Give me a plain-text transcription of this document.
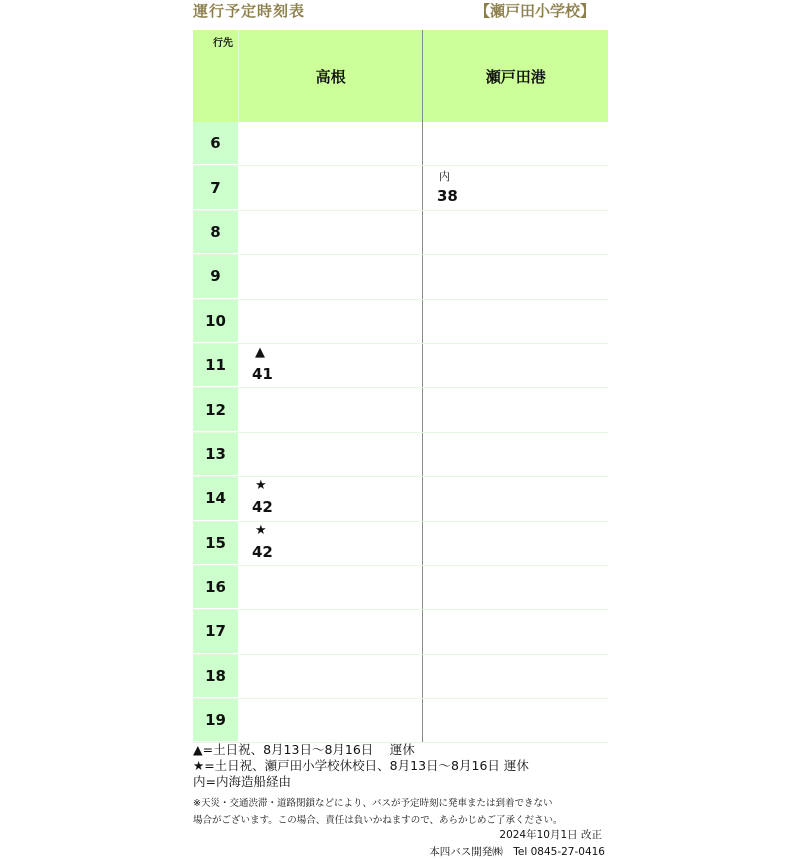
運行予定時刻表	【瀬戸田小学校】
行先
高根	瀬戸田港
6
7
内
38
8
9
10
11
▲
41
12
13
14
★
42
15
★
42
16
17
18
19
▲=土日祝、8月13日～8月16日　 運休
★=土日祝、瀬戸田小学校休校日、8月13日～8月16日 運休
内=内海造船経由
※天災・交通渋滞・道路閉鎖などにより、バスが予定時刻に発車または到着できない
場合がございます。この場合、責任は負いかねますので、あらかじめご了承ください。
2024年10月1日 改正
本四バス開発㈱　Tel 0845-27-0416
